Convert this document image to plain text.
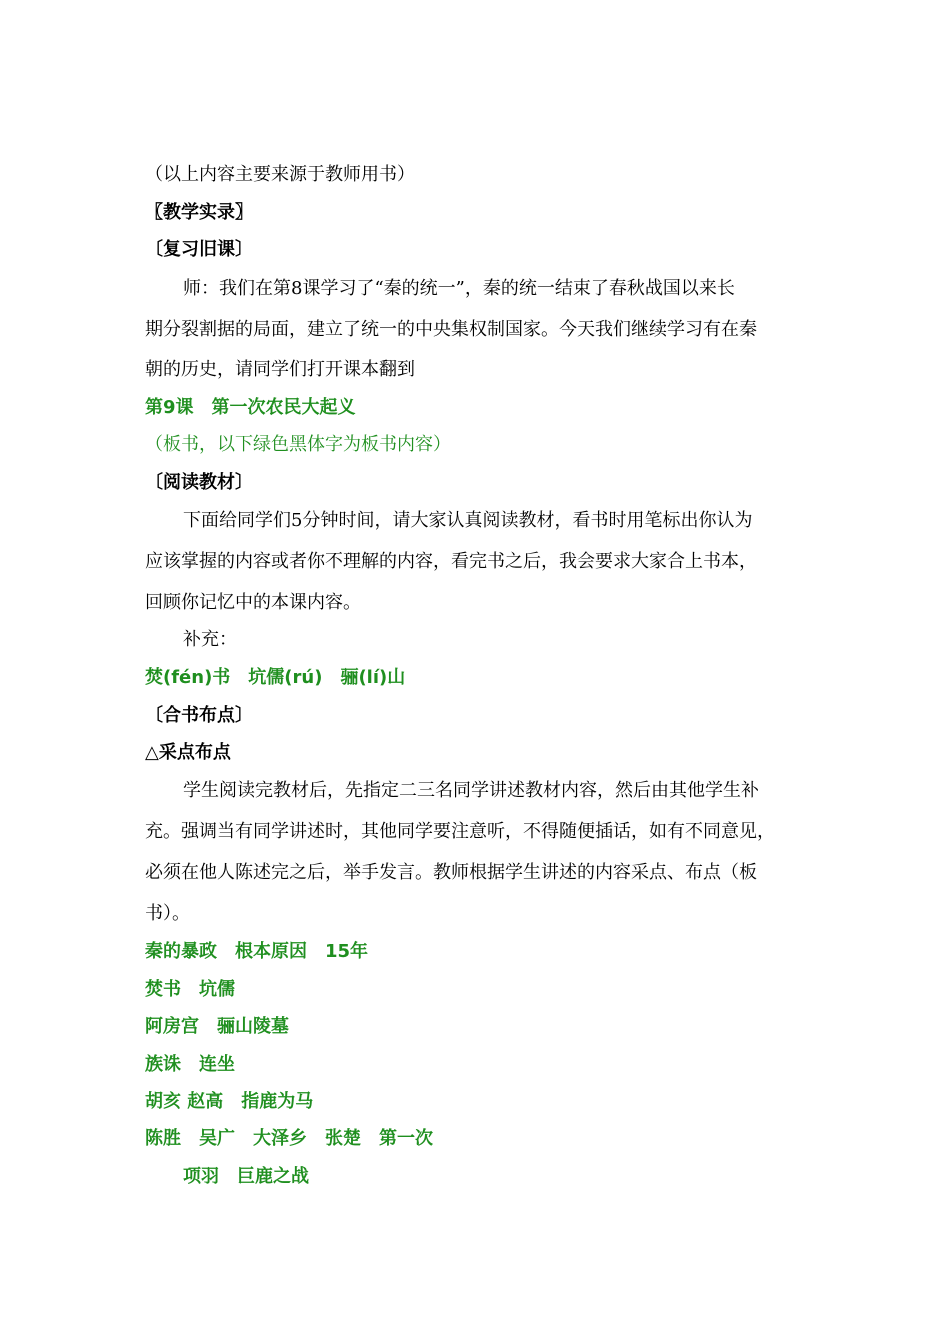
（以上内容主要来源于教师用书）
〖教学实录〗
〔复习旧课〕
师：我们在第8课学习了“秦的统一”，秦的统一结束了春秋战国以来长
期分裂割据的局面，建立了统一的中央集权制国家。今天我们继续学习有在秦
朝的历史，请同学们打开课本翻到
第9课　第一次农民大起义
（板书，以下绿色黑体字为板书内容）
〔阅读教材〕
下面给同学们5分钟时间，请大家认真阅读教材，看书时用笔标出你认为
应该掌握的内容或者你不理解的内容，看完书之后，我会要求大家合上书本，
回顾你记忆中的本课内容。
补充：
焚(fén)书　坑儒(rú)　骊(lí)山
〔合书布点〕
△采点布点
学生阅读完教材后，先指定二三名同学讲述教材内容，然后由其他学生补
充。强调当有同学讲述时，其他同学要注意听，不得随便插话，如有不同意见，
必须在他人陈述完之后，举手发言。教师根据学生讲述的内容采点、布点（板
书）。
秦的暴政　根本原因　15年
焚书　坑儒
阿房宫　骊山陵墓
族诛　连坐
胡亥 赵高　指鹿为马
陈胜　吴广　大泽乡　张楚　第一次
项羽　巨鹿之战
